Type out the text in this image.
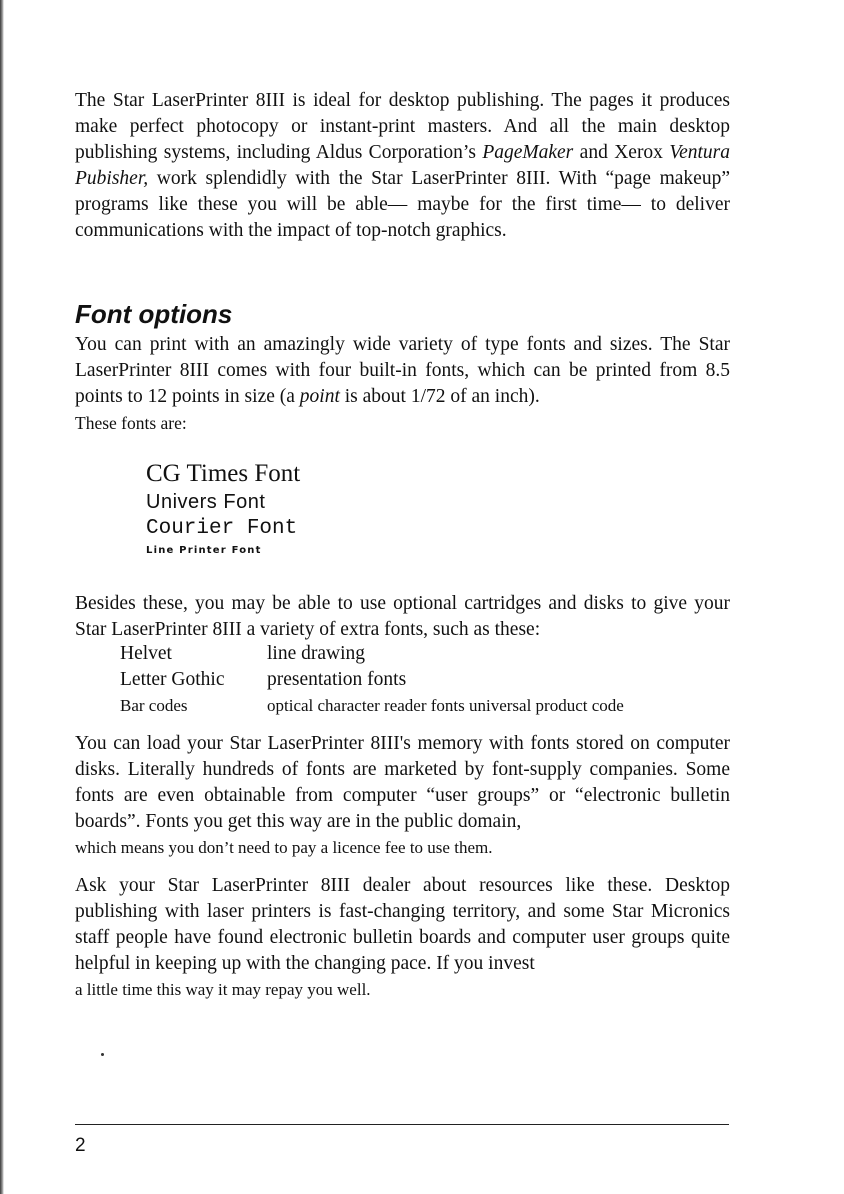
The Star LaserPrinter 8III is ideal for desktop publishing. The pages it produces make perfect photocopy or instant-print masters. And all the main desktop publishing systems, including Aldus Corporation’s PageMaker and Xerox Ventura Pubisher, work splendidly with the Star LaserPrinter 8III. With “page makeup” programs like these you will be able— maybe for the first time— to deliver communications with the impact of top-notch graphics.

Font options

You can print with an amazingly wide variety of type fonts and sizes. The Star LaserPrinter 8III comes with four built-in fonts, which can be printed from 8.5 points to 12 points in size (a point is about 1/72 of an inch).

These fonts are:

CG Times Font
Univers Font
Courier Font
Line Printer Font

Besides these, you may be able to use optional cartridges and disks to give your Star LaserPrinter 8III a variety of extra fonts, such as these:

Helvet	line drawing
Letter Gothic	presentation fonts
Bar codes	optical character reader fonts universal product code

You can load your Star LaserPrinter 8III's memory with fonts stored on computer disks. Literally hundreds of fonts are marketed by font-supply companies. Some fonts are even obtainable from computer “user groups” or “electronic bulletin boards”. Fonts you get this way are in the public domain,

which means you don’t need to pay a licence fee to use them.

Ask your Star LaserPrinter 8III dealer about resources like these. Desktop publishing with laser printers is fast-changing territory, and some Star Micronics staff people have found electronic bulletin boards and computer user groups quite helpful in keeping up with the changing pace. If you invest

a little time this way it may repay you well.

2
